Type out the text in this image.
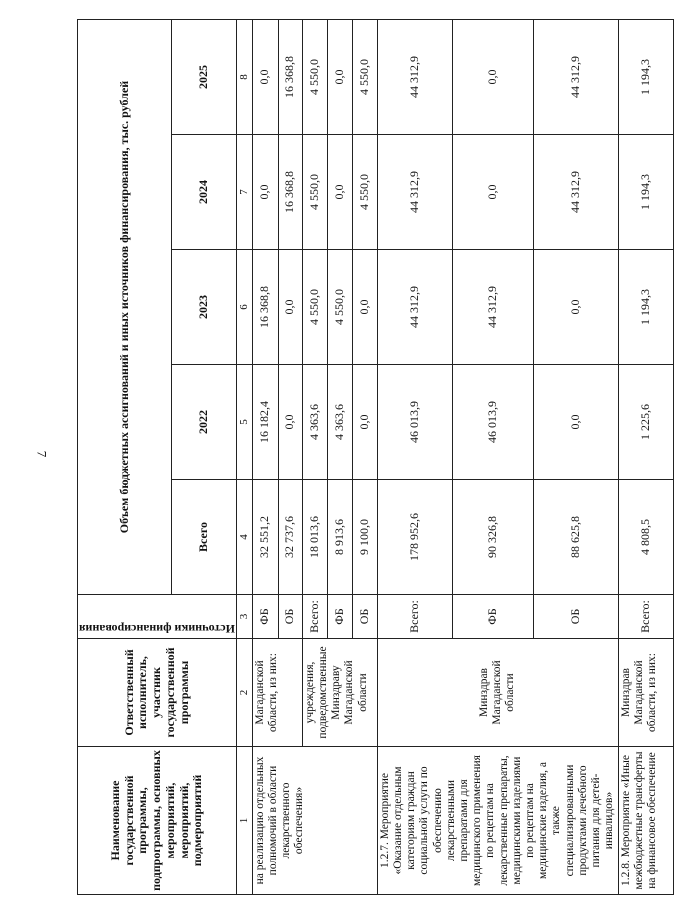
7
Наименование государственной программы, подпрограммы, основных мероприятий, мероприятий, подмероприятий	Ответственный исполнитель, участник государственной программы	Источники финансирования	Объем бюджетных ассигнований и иных источников финансирования, тыс. рублей				
			Всего	2022	2023	2024	2025
1	2	3	4	5	6	7	8
на реализацию отдельных полномочий в области лекарственного обеспечения»	Магаданской области, из них:	ФБ	32 551,2	16 182,4	16 368,8	0,0	0,0
		ОБ	32 737,6	0,0	0,0	16 368,8	16 368,8
	учреждения, подведомственные Минздраву Магаданской области	Всего:	18 013,6	4 363,6	4 550,0	4 550,0	4 550,0
		ФБ	8 913,6	4 363,6	4 550,0	0,0	0,0
		ОБ	9 100,0	0,0	0,0	4 550,0	4 550,0
1.2.7. Мероприятие «Оказание отдельным категориям граждан социальной услуги по обеспечению лекарственными препаратами для медицинского применения по рецептам на лекарственные препараты, медицинскими изделиями по рецептам на медицинские изделия, а также специализированными продуктами лечебного питания для детей-инвалидов»	Минздрав Магаданской области	Всего:	178 952,6	46 013,9	44 312,9	44 312,9	44 312,9
		ФБ	90 326,8	46 013,9	44 312,9	0,0	0,0
		ОБ	88 625,8	0,0	0,0	44 312,9	44 312,9
1.2.8. Мероприятие «Иные межбюджетные трансферты на финансовое обеспечение	Минздрав Магаданской области, из них:	Всего:	4 808,5	1 225,6	1 194,3	1 194,3	1 194,3
